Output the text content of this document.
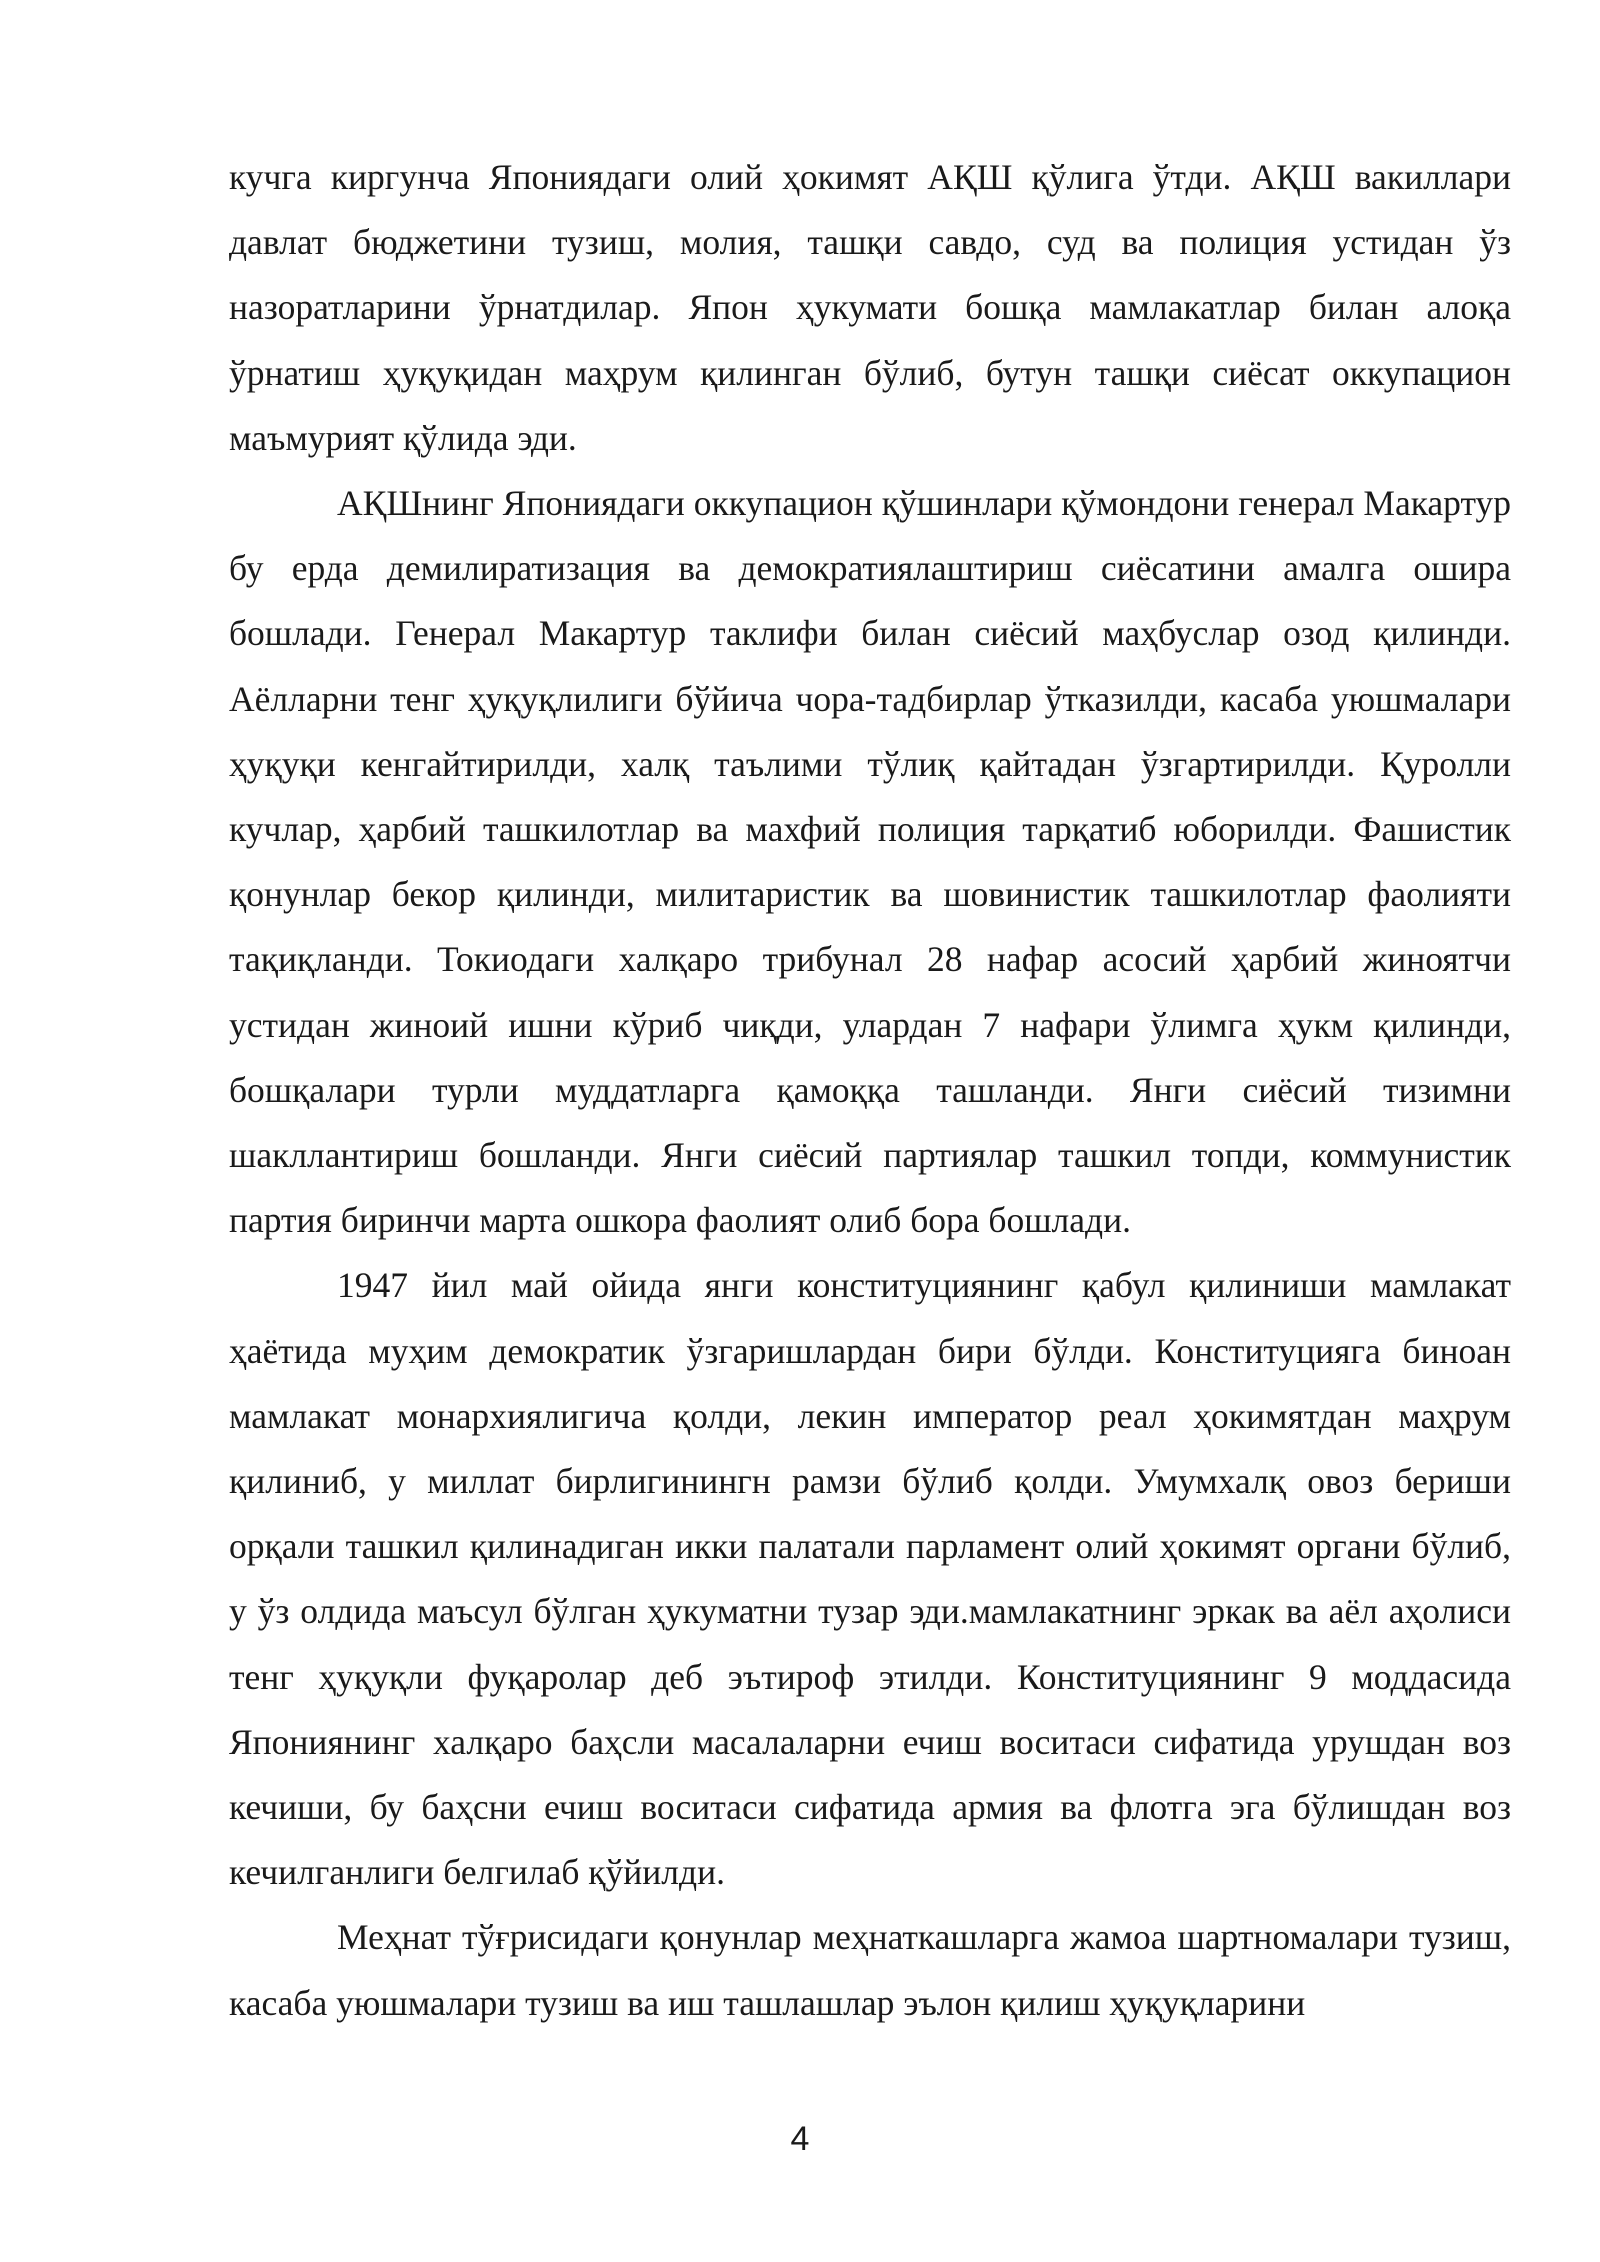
кучга киргунча Япониядаги олий ҳокимят АҚШ қўлига ўтди. АҚШ вакиллари давлат бюджетини тузиш, молия, ташқи савдо, суд ва полиция устидан ўз назоратларини ўрнатдилар. Япон ҳукумати бошқа мамлакатлар билан алоқа ўрнатиш ҳуқуқидан маҳрум қилинган бўлиб, бутун ташқи сиёсат оккупацион маъмурият қўлида эди.

АҚШнинг Япониядаги оккупацион қўшинлари қўмондони генерал Макартур бу ерда демилиратизация ва демократиялаштириш сиёсатини амалга ошира бошлади. Генерал Макартур таклифи билан сиёсий маҳбуслар озод қилинди. Аёлларни тенг ҳуқуқлилиги бўйича чора-тадбирлар ўтказилди, касаба уюшмалари ҳуқуқи кенгайтирилди, халқ таълими тўлиқ қайтадан ўзгартирилди. Қуролли кучлар, ҳарбий ташкилотлар ва махфий полиция тарқатиб юборилди. Фашистик қонунлар бекор қилинди, милитаристик ва шовинистик ташкилотлар фаолияти тақиқланди. Токиодаги халқаро трибунал 28 нафар асосий ҳарбий жиноятчи устидан жиноий ишни кўриб чиқди, улардан 7 нафари ўлимга ҳукм қилинди, бошқалари турли муддатларга қамоққа ташланди. Янги сиёсий тизимни шакллантириш бошланди. Янги сиёсий партиялар ташкил топди, коммунистик партия биринчи марта ошкора фаолият олиб бора бошлади.

1947 йил май ойида янги конституциянинг қабул қилиниши мамлакат ҳаётида муҳим демократик ўзгаришлардан бири бўлди. Конституцияга биноан мамлакат монархиялигича қолди, лекин император реал ҳокимятдан маҳрум қилиниб, у миллат бирлигинингн рамзи бўлиб қолди. Умумхалқ овоз бериши орқали ташкил қилинадиган икки палатали парламент олий ҳокимят органи бўлиб, у ўз олдида маъсул бўлган ҳукуматни тузар эди.мамлакатнинг эркак ва аёл аҳолиси тенг ҳуқуқли фуқаролар деб эътироф этилди. Конституциянинг 9 моддасида Япониянинг халқаро баҳсли масалаларни ечиш воситаси сифатида урушдан воз кечиши, бу баҳсни ечиш воситаси сифатида армия ва флотга эга бўлишдан воз кечилганлиги белгилаб қўйилди.

Меҳнат тўғрисидаги қонунлар меҳнаткашларга жамоа шартномалари тузиш, касаба уюшмалари тузиш ва иш ташлашлар эълон қилиш ҳуқуқларини

4
